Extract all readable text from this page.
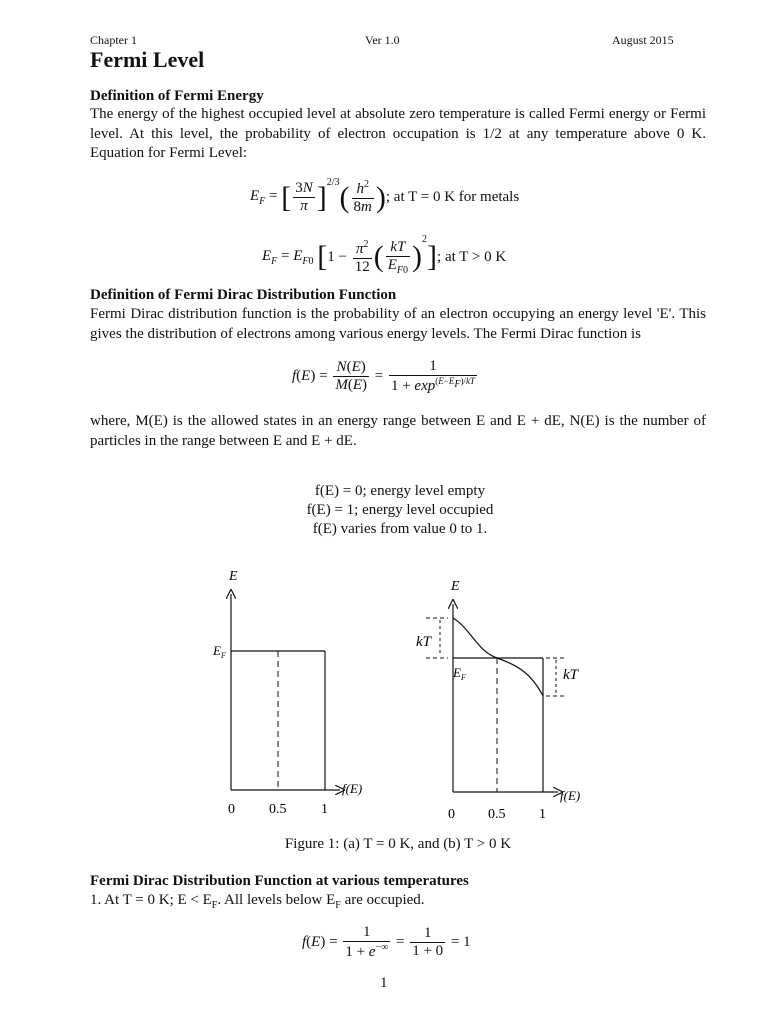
Chapter 1	Ver 1.0	August 2015
Fermi Level
Definition of Fermi Energy
The energy of the highest occupied level at absolute zero temperature is called Fermi energy or Fermi level. At this level, the probability of electron occupation is 1/2 at any temperature above 0 K. Equation for Fermi Level:
$E_F$ = [ $\frac{3N}{\pi} ]^{2/3}$ ( $\frac{h^2}{8m}$ ) ; at T = 0 K for metals
$E_F = E_{F0}$ [ $1 - \frac{\pi^2}{12}$ ( $\frac{kT}{E_{F0}}$ )
$^2$
] ; at T > 0 K
Definition of Fermi Dirac Distribution Function
Fermi Dirac distribution function is the probability of an electron occupying an energy level 'E'. This gives the distribution of electrons among various energy levels. The Fermi Dirac function is
$f(E) = \frac{N(E)}{M(E)} = \frac{1}{1 + \exp^{(E-E_F)/kT}}$
where, M(E) is the allowed states in an energy range between E and E + dE, N(E) is the number of particles in the range between E and E + dE.
f(E) = 0; energy level empty
f(E) = 1; energy level occupied
f(E) varies from value 0 to 1.
E
f(E)
$E_F$
0 0.5 1
E
f(E)
kT
kT
$E_F$
0 0.5 1
Figure 1: (a) T = 0 K, and (b) T > 0 K
Fermi Dirac Distribution Function at various temperatures
1. At T = 0 K; $E < E_F$. All levels below $E_F$ are occupied.
$f(E) = \frac{1}{1 + e^{-\infty}} = \frac{1}{1 + 0} = 1$
1
